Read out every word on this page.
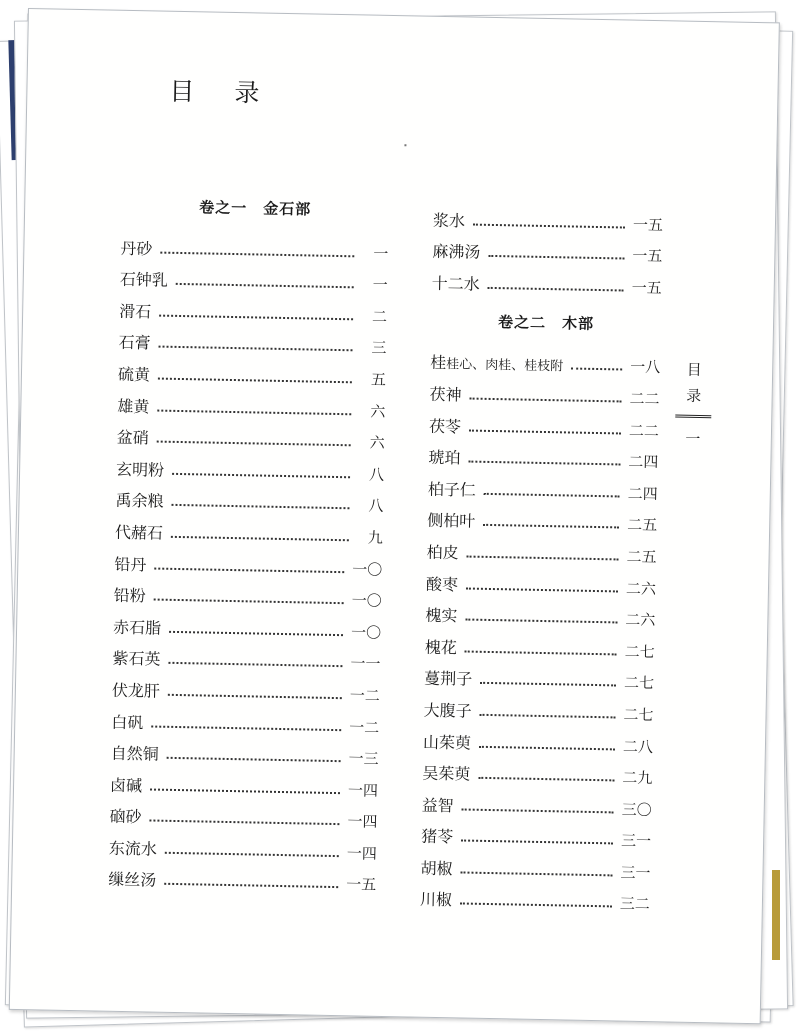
目 录
卷之一 金石部
丹砂	一
石钟乳	一
滑石	二
石膏	三
硫黄	五
雄黄	六
盆硝	六
玄明粉	八
禹余粮	八
代赭石	九
铅丹	一〇
铅粉	一〇
赤石脂	一〇
紫石英	一一
伏龙肝	一二
白矾	一二
自然铜	一三
卤碱	一四
硇砂	一四
东流水	一四
缫丝汤	一五
浆水	一五
麻沸汤	一五
十二水	一五
卷之二 木部
桂桂心、肉桂、桂枝附	一八
茯神	二二
茯苓	二二
琥珀	二四
柏子仁	二四
侧柏叶	二五
柏皮	二五
酸枣	二六
槐实	二六
槐花	二七
蔓荆子	二七
大腹子	二七
山茱萸	二八
吴茱萸	二九
益智	三〇
猪苓	三一
胡椒	三一
川椒	三二
目
录
一
